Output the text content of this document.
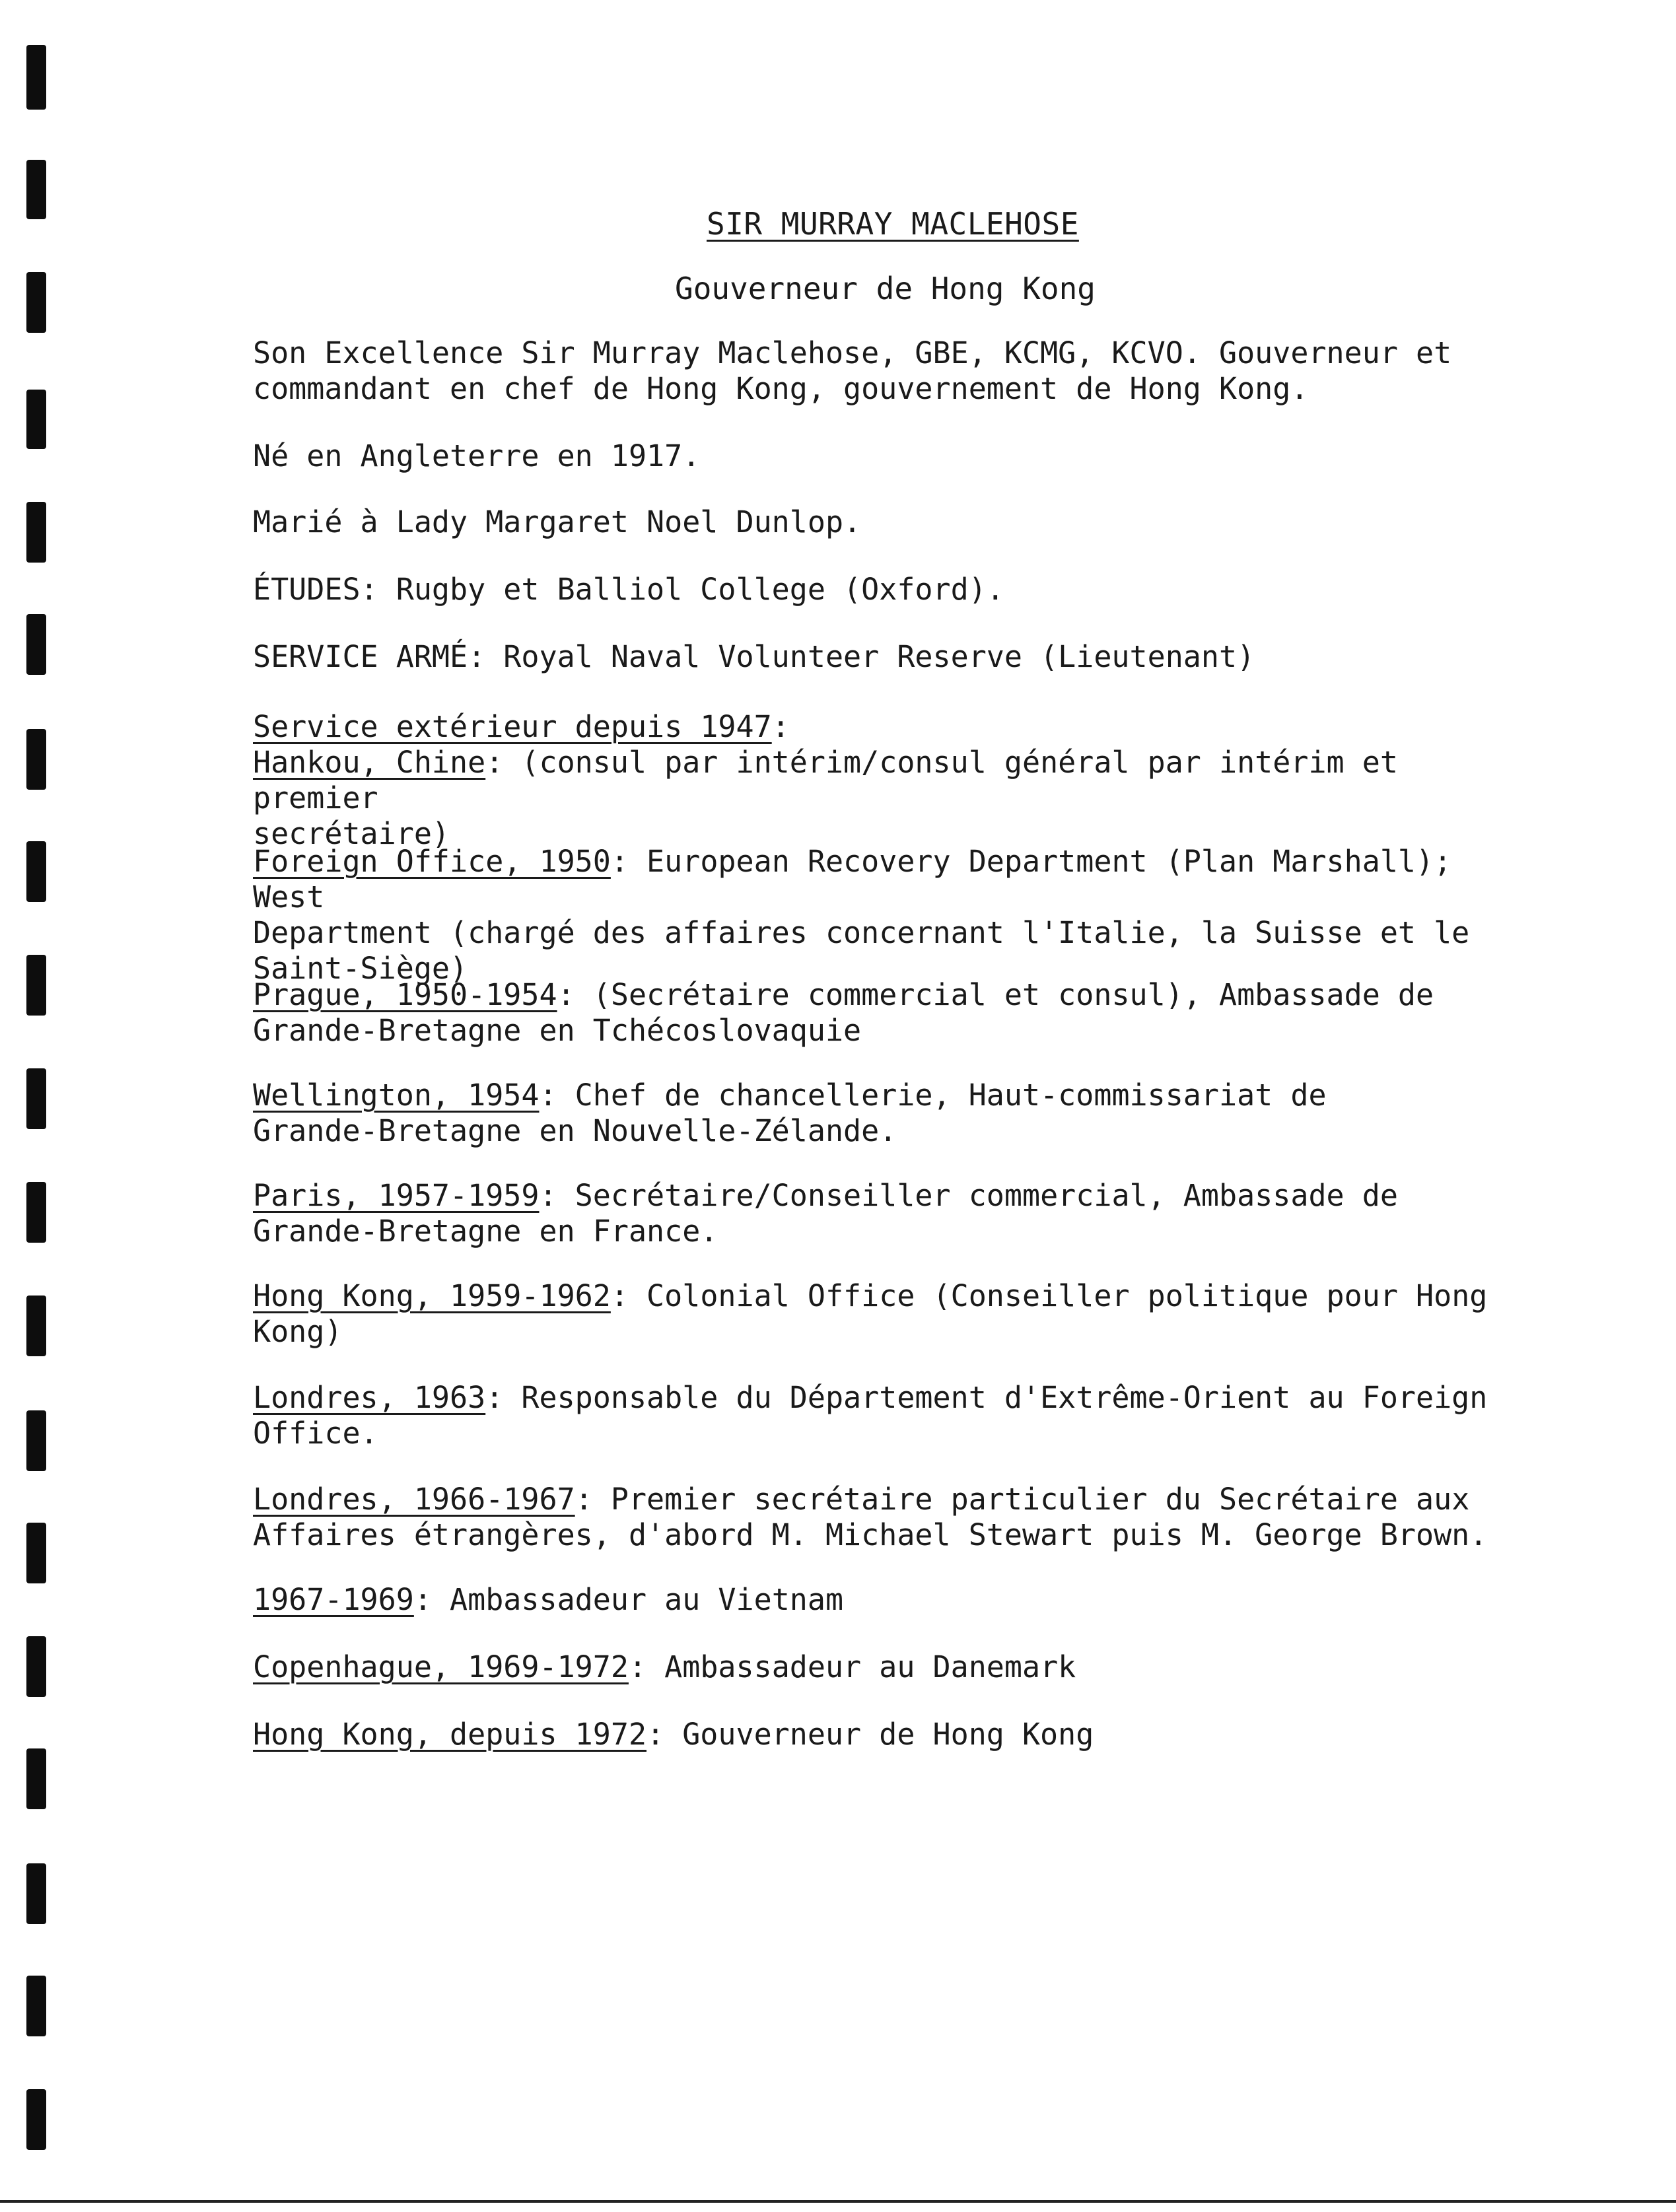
SIR MURRAY MACLEHOSE
Gouverneur de Hong Kong
Son Excellence Sir Murray Maclehose, GBE, KCMG, KCVO. Gouverneur et
commandant en chef de Hong Kong, gouvernement de Hong Kong.
Né en Angleterre en 1917.
Marié à Lady Margaret Noel Dunlop.
ÉTUDES: Rugby et Balliol College (Oxford).
SERVICE ARMÉ: Royal Naval Volunteer Reserve (Lieutenant)
Service extérieur depuis 1947:
Hankou, Chine: (consul par intérim/consul général par intérim et premier
secrétaire)
Foreign Office, 1950: European Recovery Department (Plan Marshall); West
Department (chargé des affaires concernant l'Italie, la Suisse et le
Saint-Siège)
Prague, 1950-1954: (Secrétaire commercial et consul), Ambassade de
Grande-Bretagne en Tchécoslovaquie
Wellington, 1954: Chef de chancellerie, Haut-commissariat de
Grande-Bretagne en Nouvelle-Zélande.
Paris, 1957-1959: Secrétaire/Conseiller commercial, Ambassade de
Grande-Bretagne en France.
Hong Kong, 1959-1962: Colonial Office (Conseiller politique pour Hong
Kong)
Londres, 1963: Responsable du Département d'Extrême-Orient au Foreign
Office.
Londres, 1966-1967: Premier secrétaire particulier du Secrétaire aux
Affaires étrangères, d'abord M. Michael Stewart puis M. George Brown.
1967-1969: Ambassadeur au Vietnam
Copenhague, 1969-1972: Ambassadeur au Danemark
Hong Kong, depuis 1972: Gouverneur de Hong Kong
